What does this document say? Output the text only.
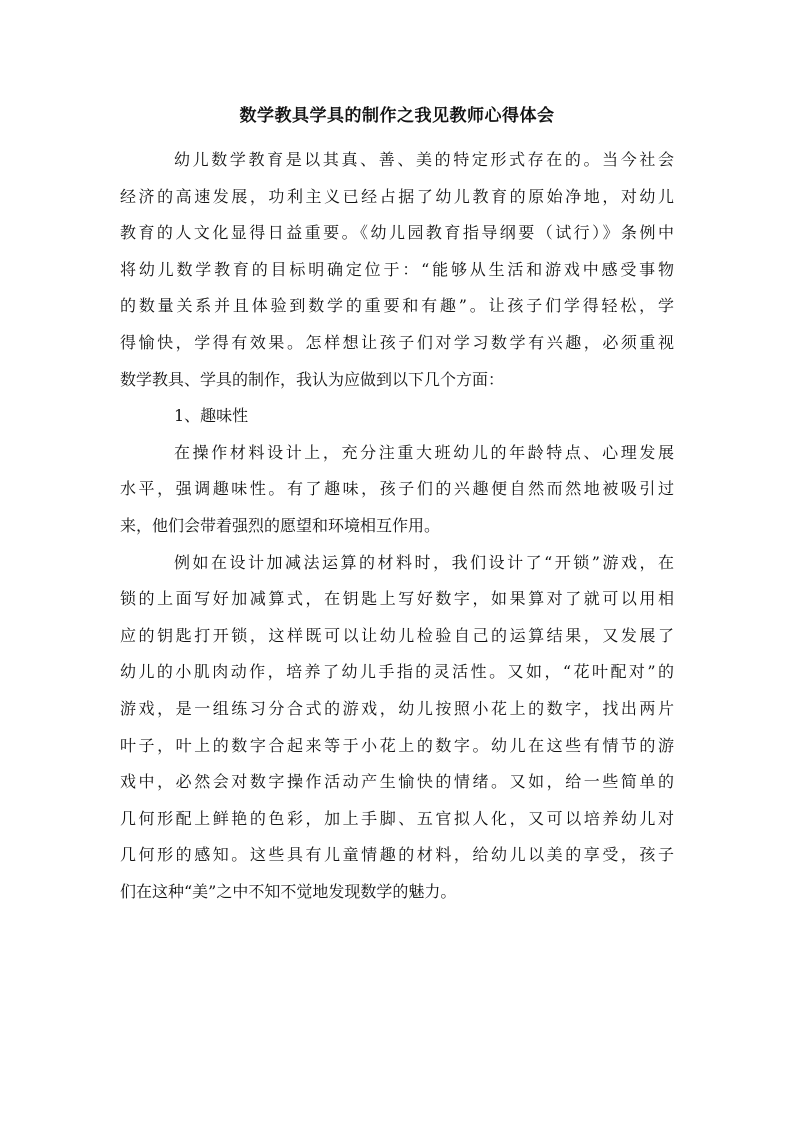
数学教具学具的制作之我见教师心得体会
幼儿数学教育是以其真、善、美的特定形式存在的。当今社会
经济的高速发展，功利主义已经占据了幼儿教育的原始净地，对幼儿
教育的人文化显得日益重要。《幼儿园教育指导纲要（试行）》条例中
将幼儿数学教育的目标明确定位于：“能够从生活和游戏中感受事物
的数量关系并且体验到数学的重要和有趣”。让孩子们学得轻松，学
得愉快，学得有效果。怎样想让孩子们对学习数学有兴趣，必须重视
数学教具、学具的制作，我认为应做到以下几个方面：
1、趣味性
在操作材料设计上，充分注重大班幼儿的年龄特点、心理发展
水平，强调趣味性。有了趣味，孩子们的兴趣便自然而然地被吸引过
来，他们会带着强烈的愿望和环境相互作用。
例如在设计加减法运算的材料时，我们设计了“开锁”游戏，在
锁的上面写好加减算式，在钥匙上写好数字，如果算对了就可以用相
应的钥匙打开锁，这样既可以让幼儿检验自己的运算结果，又发展了
幼儿的小肌肉动作，培养了幼儿手指的灵活性。又如，“花叶配对”的
游戏，是一组练习分合式的游戏，幼儿按照小花上的数字，找出两片
叶子，叶上的数字合起来等于小花上的数字。幼儿在这些有情节的游
戏中，必然会对数字操作活动产生愉快的情绪。又如，给一些简单的
几何形配上鲜艳的色彩，加上手脚、五官拟人化，又可以培养幼儿对
几何形的感知。这些具有儿童情趣的材料，给幼儿以美的享受，孩子
们在这种“美”之中不知不觉地发现数学的魅力。
